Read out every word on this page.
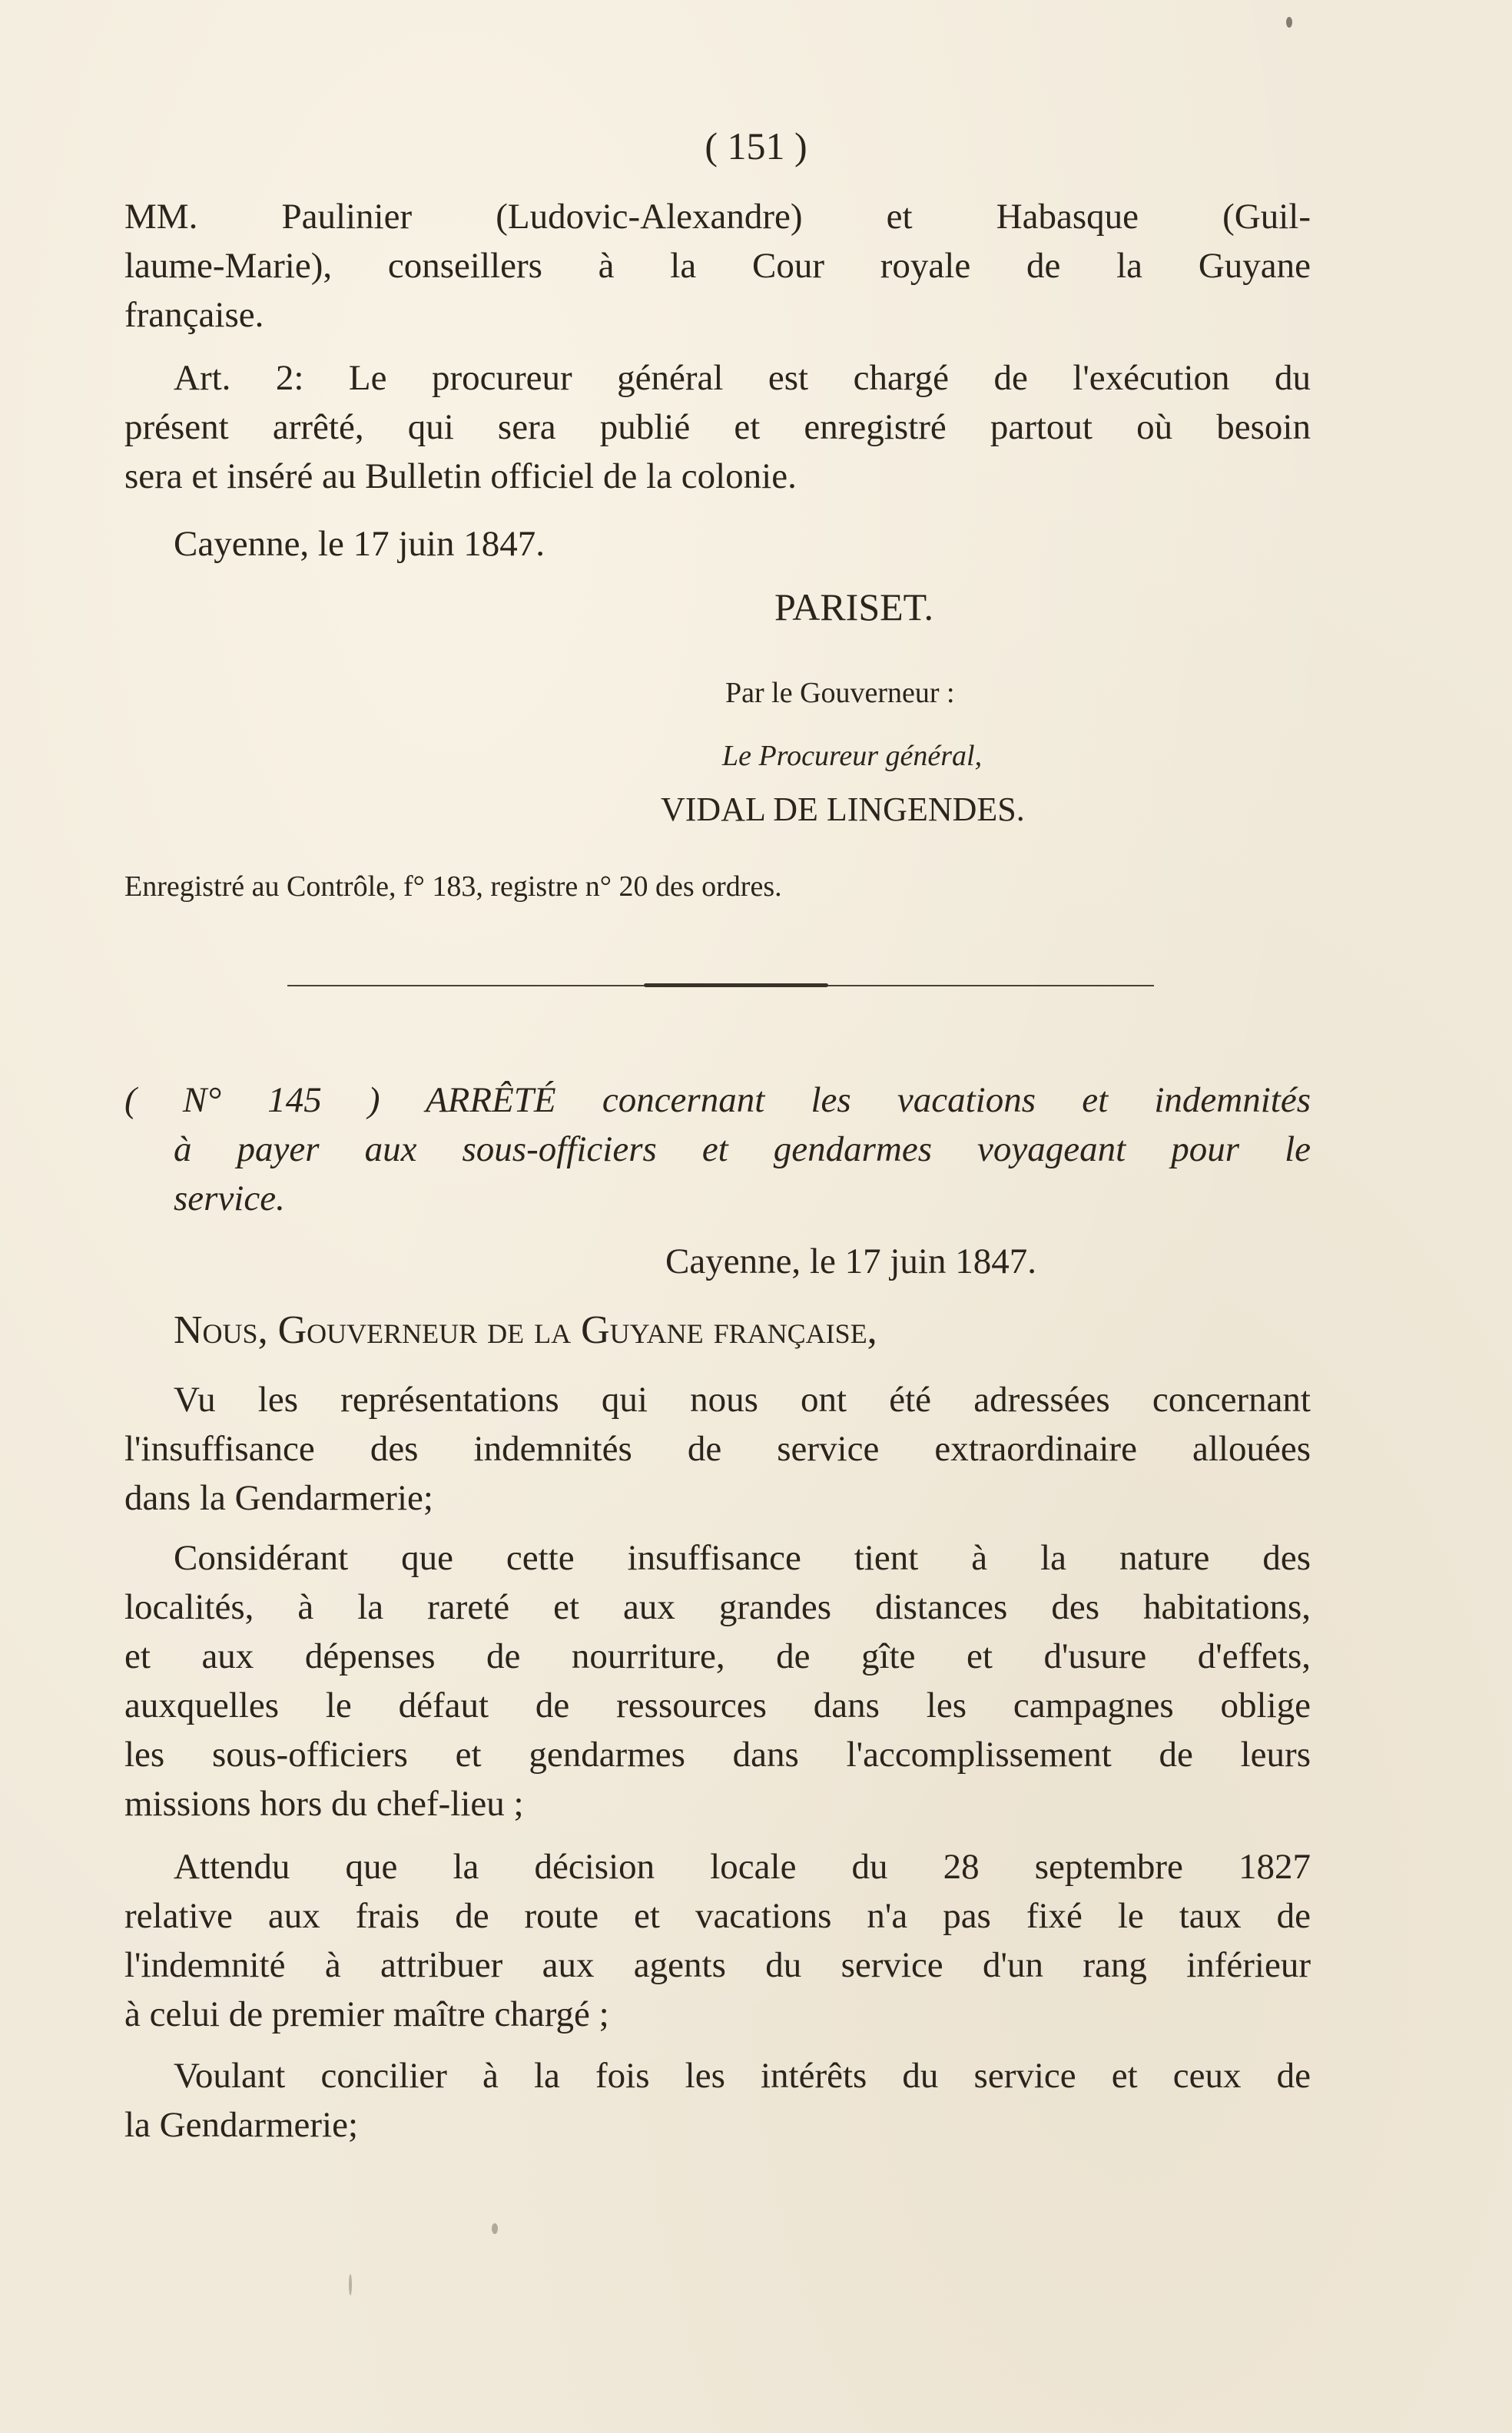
( 151 )
MM. Paulinier (Ludovic-Alexandre) et Habasque (Guil-
laume-Marie), conseillers à la Cour royale de la Guyane
française.
Art. 2: Le procureur général est chargé de l'exécution du
présent arrêté, qui sera publié et enregistré partout où besoin
sera et inséré au Bulletin officiel de la colonie.
Cayenne, le 17 juin 1847.
PARISET.
Par le Gouverneur :
Le Procureur général,
VIDAL DE LINGENDES.
Enregistré au Contrôle, f° 183, registre n° 20 des ordres.
( N° 145 ) ARRÊTÉ concernant les vacations et indemnités
à payer aux sous-officiers et gendarmes voyageant pour le
service.
Cayenne, le 17 juin 1847.
Nous, Gouverneur de la Guyane française,
Vu les représentations qui nous ont été adressées concernant
l'insuffisance des indemnités de service extraordinaire allouées
dans la Gendarmerie;
Considérant que cette insuffisance tient à la nature des
localités, à la rareté et aux grandes distances des habitations,
et aux dépenses de nourriture, de gîte et d'usure d'effets,
auxquelles le défaut de ressources dans les campagnes oblige
les sous-officiers et gendarmes dans l'accomplissement de leurs
missions hors du chef-lieu ;
Attendu que la décision locale du 28 septembre 1827
relative aux frais de route et vacations n'a pas fixé le taux de
l'indemnité à attribuer aux agents du service d'un rang inférieur
à celui de premier maître chargé ;
Voulant concilier à la fois les intérêts du service et ceux de
la Gendarmerie;
